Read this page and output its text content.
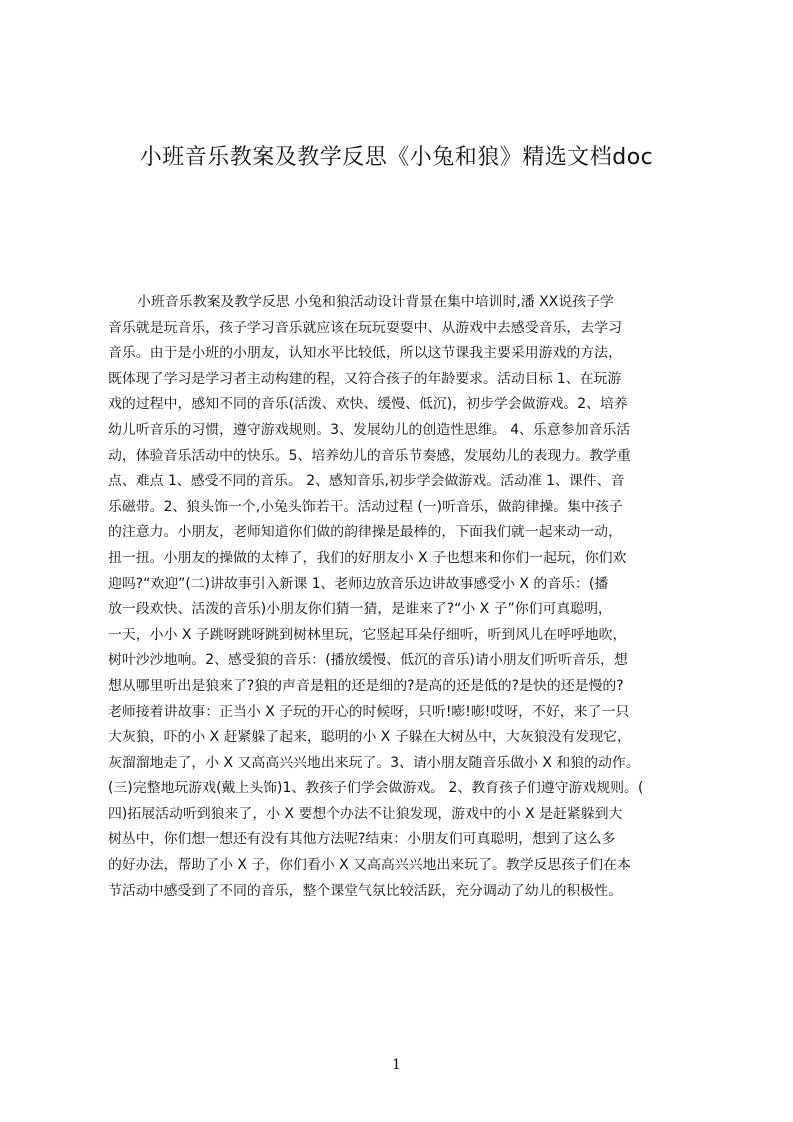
小班音乐教案及教学反思《小兔和狼》精选文档doc
小班音乐教案及教学反思 小兔和狼活动设计背景在集中培训时,潘 XX说孩子学
音乐就是玩音乐，孩子学习音乐就应该在玩玩耍耍中、从游戏中去感受音乐，去学习
音乐。由于是小班的小朋友，认知水平比较低，所以这节课我主要采用游戏的方法，
既体现了学习是学习者主动构建的程，又符合孩子的年龄要求。活动目标 1、在玩游
戏的过程中，感知不同的音乐(活泼、欢快、缓慢、低沉)，初步学会做游戏。2、培养
幼儿听音乐的习惯，遵守游戏规则。3、发展幼儿的创造性思维。 4、乐意参加音乐活
动，体验音乐活动中的快乐。5、培养幼儿的音乐节奏感，发展幼儿的表现力。教学重
点、难点 1、感受不同的音乐。 2、感知音乐,初步学会做游戏。活动准 1、课件、音
乐磁带。2、狼头饰一个,小兔头饰若干。活动过程 (一)听音乐，做韵律操。集中孩子
的注意力。小朋友，老师知道你们做的韵律操是最棒的，下面我们就一起来动一动，
扭一扭。小朋友的操做的太棒了，我们的好朋友小 X 子也想来和你们一起玩，你们欢
迎吗?“欢迎”(二)讲故事引入新课 1、老师边放音乐边讲故事感受小 X 的音乐：(播
放一段欢快、活泼的音乐)小朋友你们猜一猜，是谁来了?“小 X 子”你们可真聪明，
一天，小小 X 子跳呀跳呀跳到树林里玩，它竖起耳朵仔细听，听到风儿在呼呼地吹，
树叶沙沙地响。2、感受狼的音乐：(播放缓慢、低沉的音乐)请小朋友们听听音乐，想
想从哪里听出是狼来了?狼的声音是粗的还是细的?是高的还是低的?是快的还是慢的?
老师接着讲故事：正当小 X 子玩的开心的时候呀，只听!嘭!嘭!哎呀，不好，来了一只
大灰狼，吓的小 X 赶紧躲了起来，聪明的小 X 子躲在大树丛中，大灰狼没有发现它，
灰溜溜地走了，小 X 又高高兴兴地出来玩了。3、请小朋友随音乐做小 X 和狼的动作。
(三)完整地玩游戏(戴上头饰)1、教孩子们学会做游戏。 2、教育孩子们遵守游戏规则。(
四)拓展活动听到狼来了，小 X 要想个办法不让狼发现，游戏中的小 X 是赶紧躲到大
树丛中，你们想一想还有没有其他方法呢?结束：小朋友们可真聪明，想到了这么多
的好办法，帮助了小 X 子，你们看小 X 又高高兴兴地出来玩了。教学反思孩子们在本
节活动中感受到了不同的音乐，整个课堂气氛比较活跃，充分调动了幼儿的积极性。
1
